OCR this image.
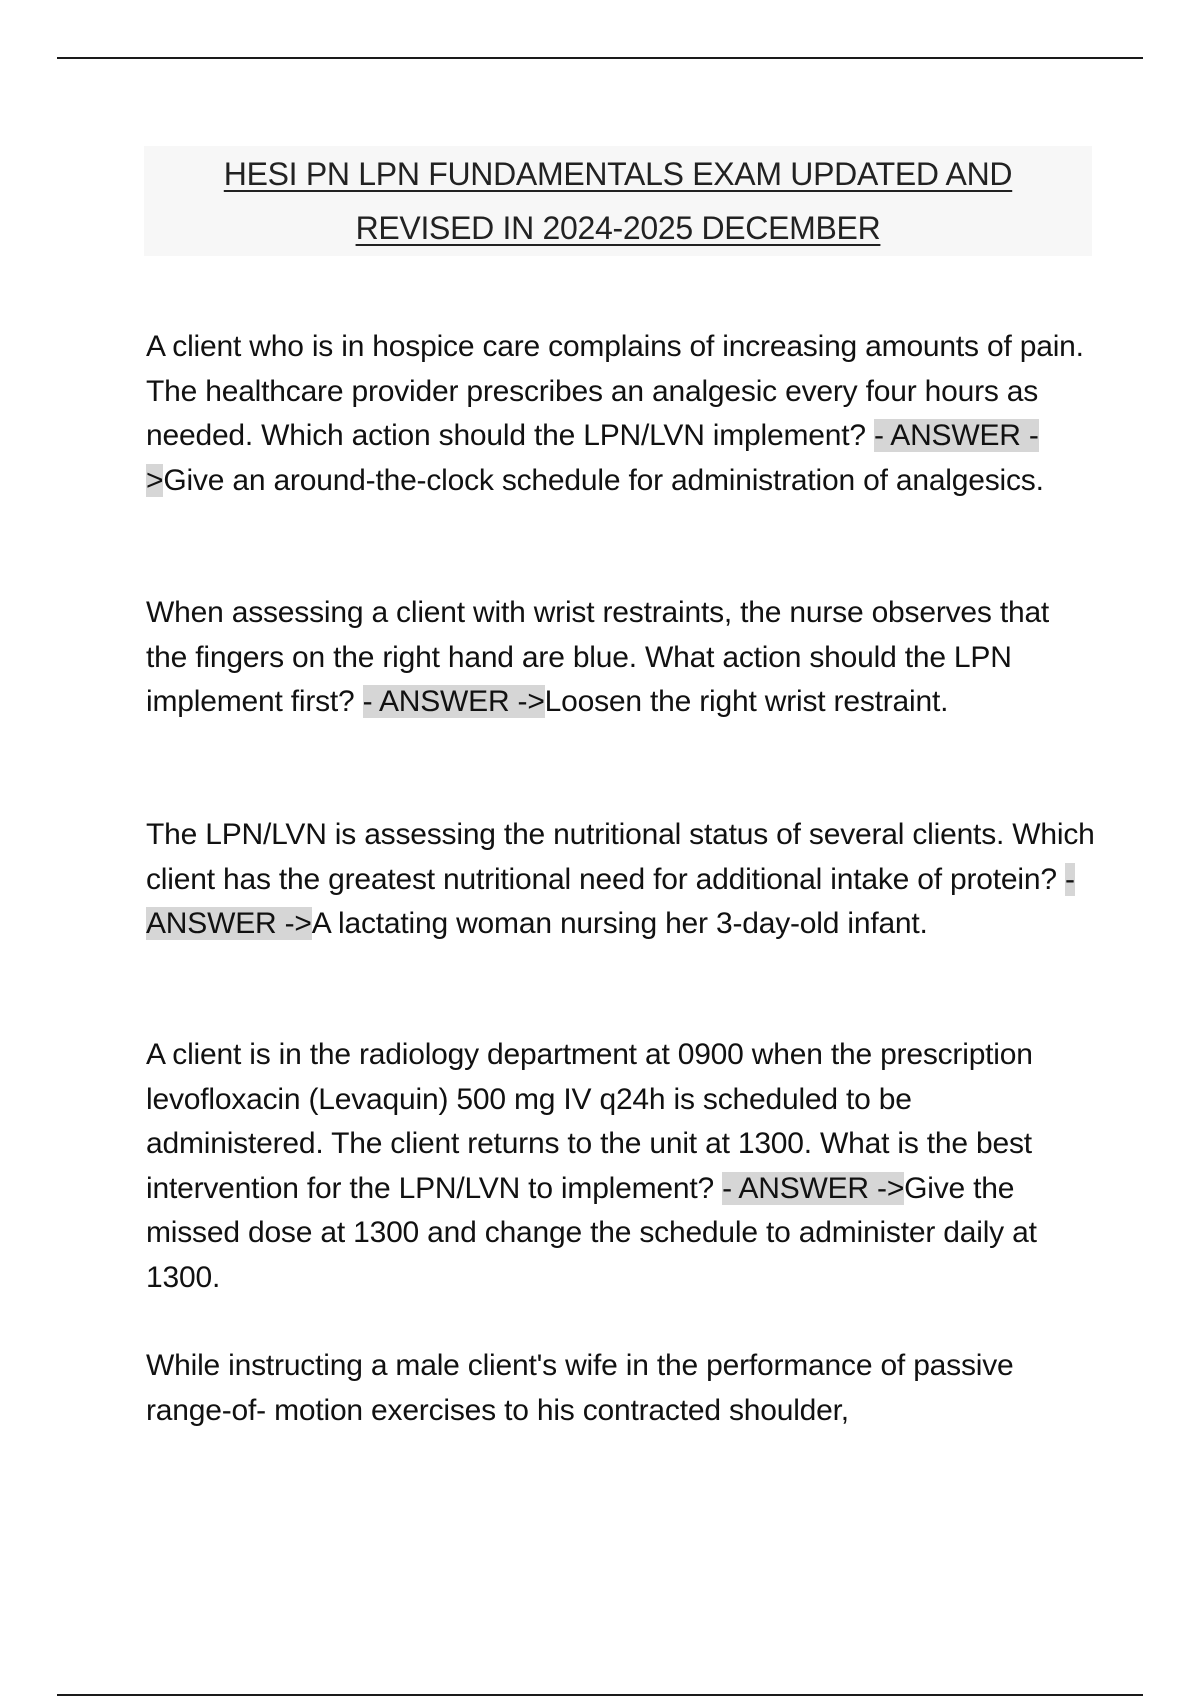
HESI PN LPN FUNDAMENTALS EXAM UPDATED AND
REVISED IN 2024-2025 DECEMBER
A client who is in hospice care complains of increasing amounts of pain. The healthcare provider prescribes an analgesic every four hours as needed. Which action should the LPN/LVN implement? - ANSWER ->Give an around-the-clock schedule for administration of analgesics.
When assessing a client with wrist restraints, the nurse observes that the fingers on the right hand are blue. What action should the LPN implement first? - ANSWER ->Loosen the right wrist restraint.
The LPN/LVN is assessing the nutritional status of several clients. Which client has the greatest nutritional need for additional intake of protein? - ANSWER ->A lactating woman nursing her 3-day-old infant.
A client is in the radiology department at 0900 when the prescription levofloxacin (Levaquin) 500 mg IV q24h is scheduled to be administered. The client returns to the unit at 1300. What is the best intervention for the LPN/LVN to implement? - ANSWER ->Give the missed dose at 1300 and change the schedule to administer daily at 1300.
While instructing a male client's wife in the performance of passive range-of- motion exercises to his contracted shoulder,
